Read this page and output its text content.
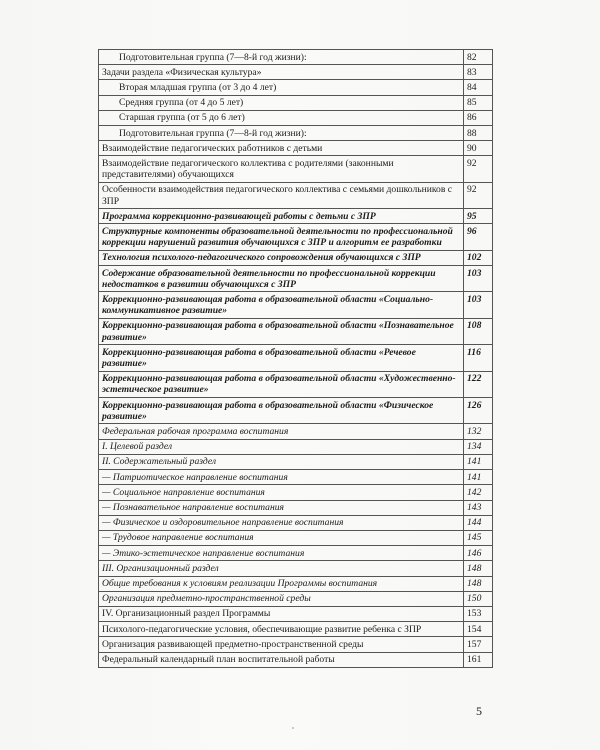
Подготовительная группа (7—8-й год жизни):	82
Задачи раздела «Физическая культура»	83
Вторая младшая группа (от 3 до 4 лет)	84
Средняя группа (от 4 до 5 лет)	85
Старшая группа (от 5 до 6 лет)	86
Подготовительная группа (7—8-й год жизни):	88
Взаимодействие педагогических работников с детьми	90
Взаимодействие педагогического коллектива с родителями (законными представителями) обучающихся	92
Особенности взаимодействия педагогического коллектива с семьями дошкольников с ЗПР	92
Программа коррекционно-развивающей работы с детьми с ЗПР	95
Структурные компоненты образовательной деятельности по профессиональной коррекции нарушений развития обучающихся с ЗПР и алгоритм ее разработки	96
Технология психолого-педагогического сопровождения обучающихся с ЗПР	102
Содержание образовательной деятельности по профессиональной коррекции недостатков в развитии обучающихся с ЗПР	103
Коррекционно-развивающая работа в образовательной области «Социально-коммуникативное развитие»	103
Коррекционно-развивающая работа в образовательной области «Познавательное развитие»	108
Коррекционно-развивающая работа в образовательной области «Речевое развитие»	116
Коррекционно-развивающая работа в образовательной области «Художественно-эстетическое развитие»	122
Коррекционно-развивающая работа в образовательной области «Физическое развитие»	126
Федеральная рабочая программа воспитания	132
I. Целевой раздел	134
II. Содержательный раздел	141
— Патриотическое направление воспитания	141
— Социальное направление воспитания	142
— Познавательное направление воспитания	143
— Физическое и оздоровительное направление воспитания	144
— Трудовое направление воспитания	145
— Этико-эстетическое направление воспитания	146
III. Организационный раздел	148
Общие требования к условиям реализации Программы воспитания	148
Организация предметно-пространственной среды	150
IV. Организационный раздел Программы	153
Психолого-педагогические условия, обеспечивающие развитие ребенка с ЗПР	154
Организация развивающей предметно-пространственной среды	157
Федеральный календарный план воспитательной работы	161
5
